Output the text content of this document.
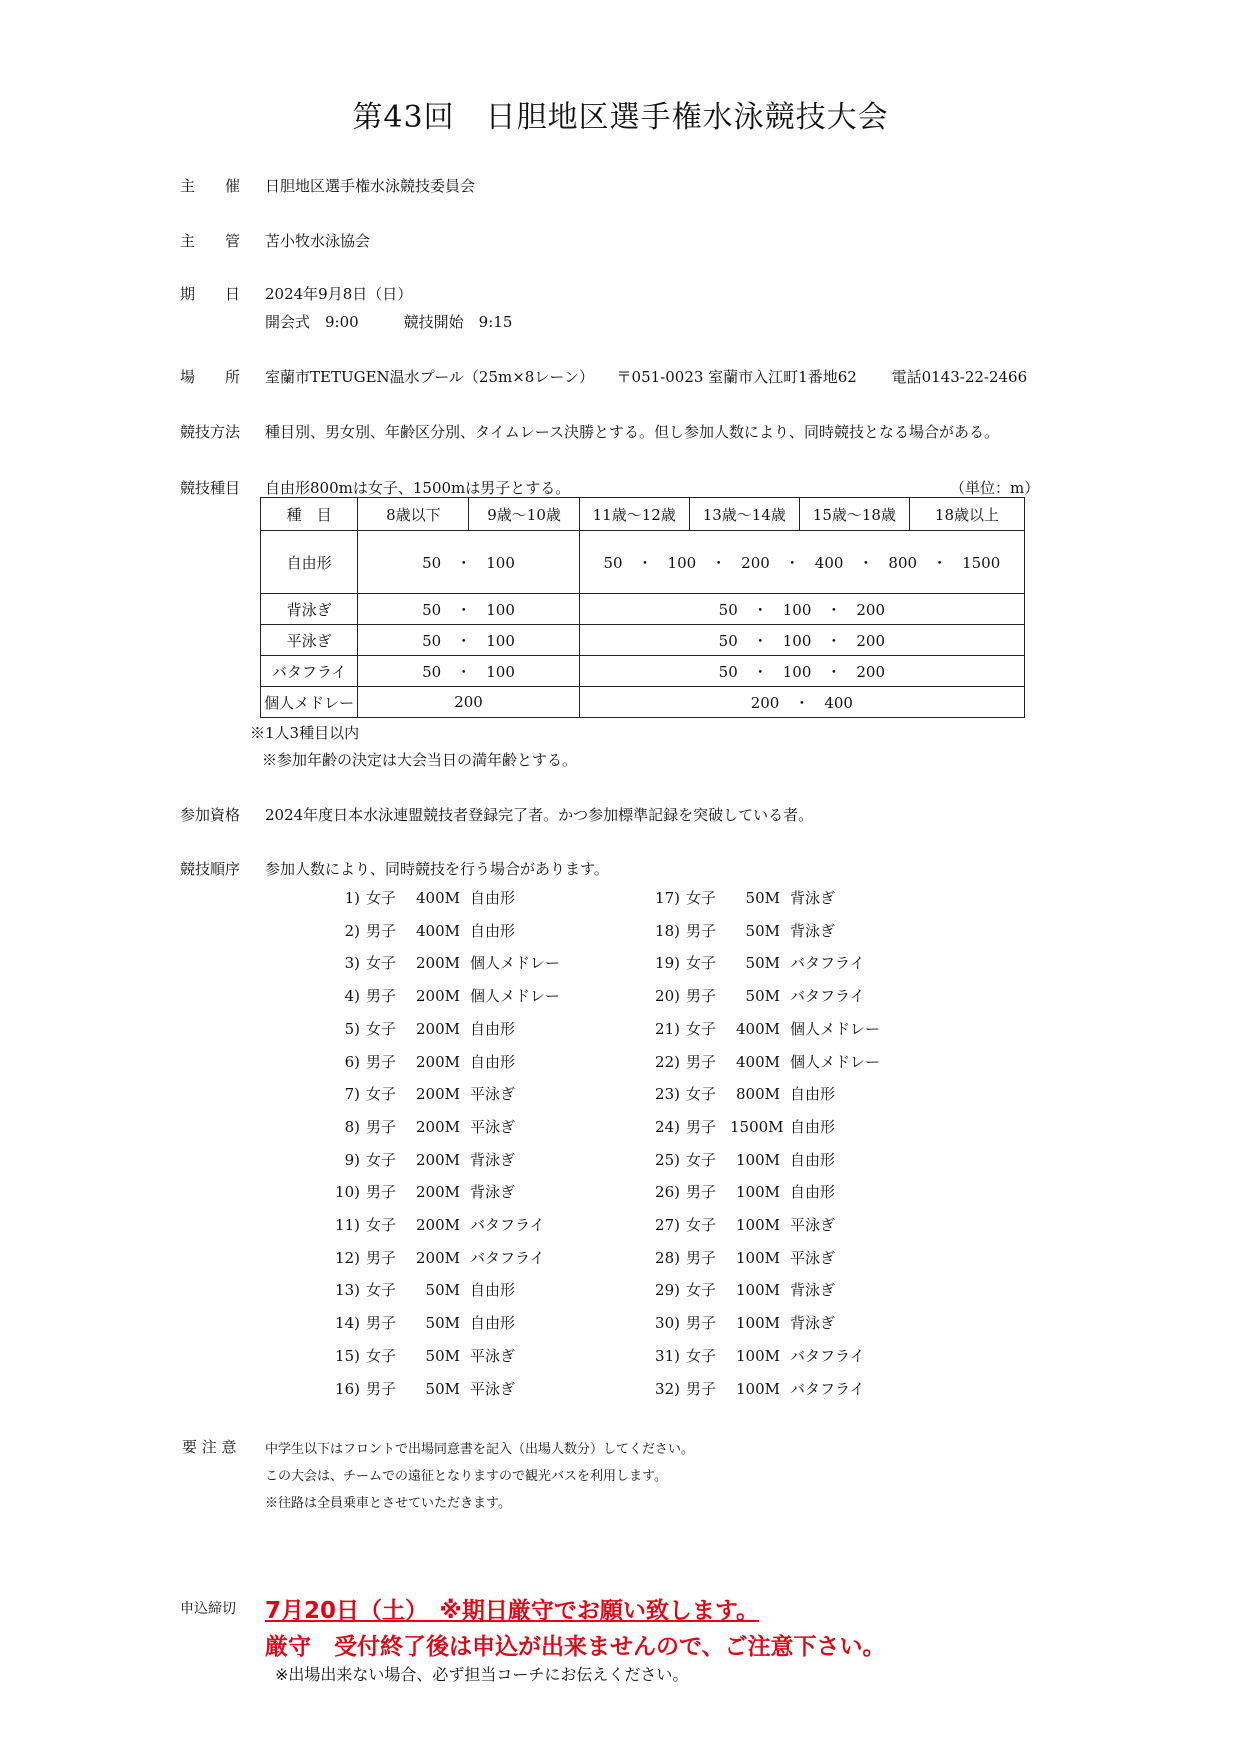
第43回　日胆地区選手権水泳競技大会
主　　催 日胆地区選手権水泳競技委員会
主　　管 苫小牧水泳協会
期　　日 2024年9月8日（日）
開会式　9:00　　　競技開始　9:15
場　　所 室蘭市TETUGEN温水プール（25m×8レーン）　　〒051-0023 室蘭市入江町1番地62　　 電話0143-22-2466
競技方法 種目別、男女別、年齢区分別、タイムレース決勝とする。但し参加人数により、同時競技となる場合がある。
競技種目 自由形800mは女子、1500mは男子とする。	（単位：m）
種　目	8歳以下	9歳～10歳	11歳～12歳	13歳～14歳	15歳～18歳	18歳以上
自由形	50　・　100		50　・　100　・　200　・　400　・　800　・　1500			
背泳ぎ	50　・　100		50　・　100　・　200			
平泳ぎ	50　・　100		50　・　100　・　200			
バタフライ	50　・　100		50　・　100　・　200			
個人メドレー	200		200　・　400			
※1人3種目以内
※参加年齢の決定は大会当日の満年齢とする。
参加資格 2024年度日本水泳連盟競技者登録完了者。かつ参加標準記録を突破している者。
競技順序 参加人数により、同時競技を行う場合があります。
1) 女子 400M 自由形
2) 男子 400M 自由形
3) 女子 200M 個人メドレー
4) 男子 200M 個人メドレー
5) 女子 200M 自由形
6) 男子 200M 自由形
7) 女子 200M 平泳ぎ
8) 男子 200M 平泳ぎ
9) 女子 200M 背泳ぎ
10) 男子 200M 背泳ぎ
11) 女子 200M バタフライ
12) 男子 200M バタフライ
13) 女子 50M 自由形
14) 男子 50M 自由形
15) 女子 50M 平泳ぎ
16) 男子 50M 平泳ぎ
17) 女子 50M 背泳ぎ
18) 男子 50M 背泳ぎ
19) 女子 50M バタフライ
20) 男子 50M バタフライ
21) 女子 400M 個人メドレー
22) 男子 400M 個人メドレー
23) 女子 800M 自由形
24) 男子 1500M 自由形
25) 女子 100M 自由形
26) 男子 100M 自由形
27) 女子 100M 平泳ぎ
28) 男子 100M 平泳ぎ
29) 女子 100M 背泳ぎ
30) 男子 100M 背泳ぎ
31) 女子 100M バタフライ
32) 男子 100M バタフライ
要 注 意 中学生以下はフロントで出場同意書を記入（出場人数分）してください。
この大会は、チームでの遠征となりますので観光バスを利用します。
※往路は全員乗車とさせていただきます。
申込締切 7月20日（土）　※期日厳守でお願い致します。
厳守　受付終了後は申込が出来ませんので、ご注意下さい。
※出場出来ない場合、必ず担当コーチにお伝えください。
